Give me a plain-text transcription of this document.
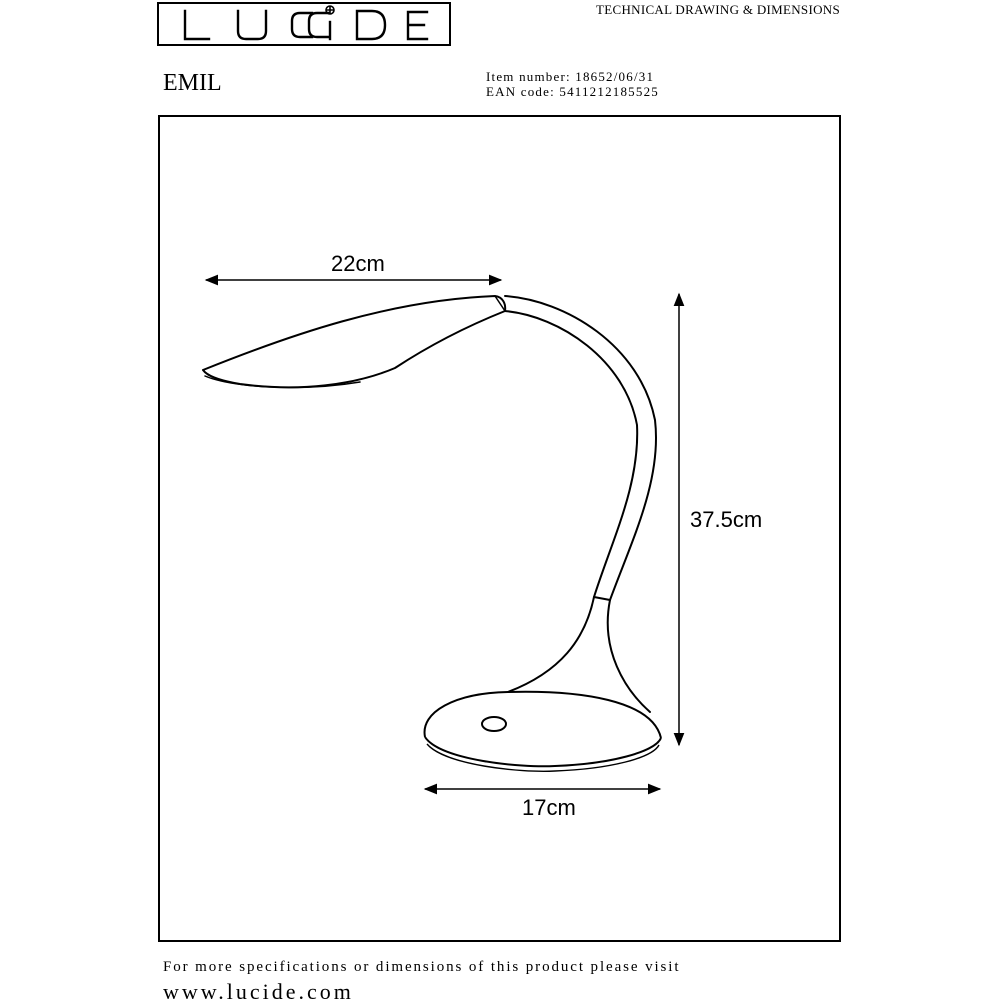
TECHNICAL DRAWING & DIMENSIONS
EMIL	Item number: 18652/06/31
EAN code: 5411212185525
22cm
37.5cm
17cm
For more specifications or dimensions of this product please visit
www.lucide.com
